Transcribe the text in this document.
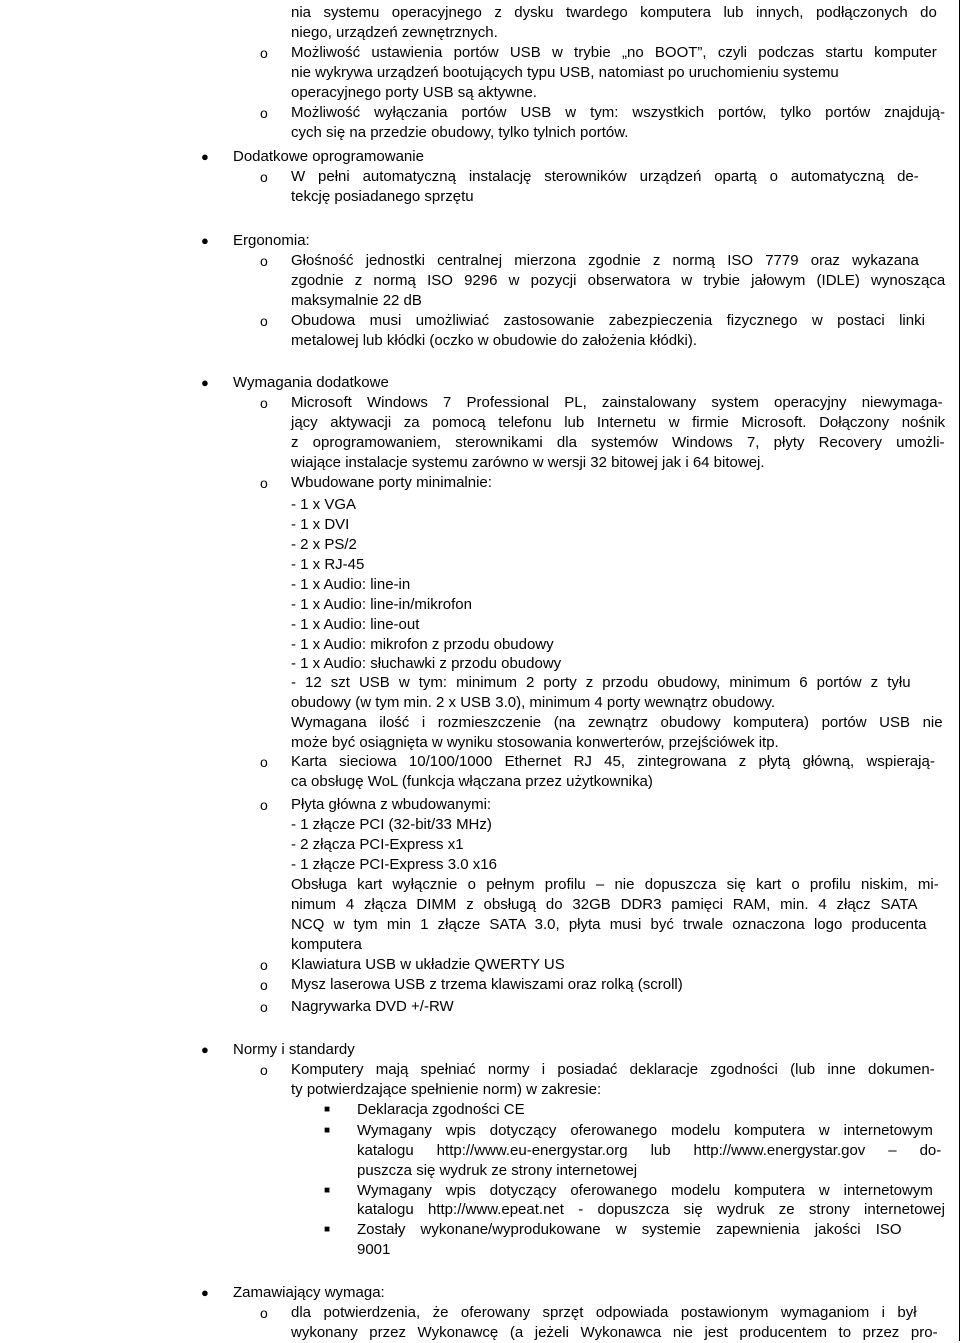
nia systemu operacyjnego z dysku twardego komputera lub innych, podłączonych do
niego, urządzeń zewnętrznych.
o Możliwość ustawienia portów USB w trybie „no BOOT”, czyli podczas startu komputer
nie wykrywa urządzeń bootujących typu USB, natomiast po uruchomieniu systemu
operacyjnego porty USB są aktywne.
o Możliwość wyłączania portów USB w tym: wszystkich portów, tylko portów znajdują-
cych się na przedzie obudowy, tylko tylnich portów.
● Dodatkowe oprogramowanie
o W pełni automatyczną instalację sterowników urządzeń opartą o automatyczną de-
tekcję posiadanego sprzętu
● Ergonomia:
o Głośność jednostki centralnej mierzona zgodnie z normą ISO 7779 oraz wykazana
zgodnie z normą ISO 9296 w pozycji obserwatora w trybie jałowym (IDLE) wynosząca
maksymalnie 22 dB
o Obudowa musi umożliwiać zastosowanie zabezpieczenia fizycznego w postaci linki
metalowej lub kłódki (oczko w obudowie do założenia kłódki).
● Wymagania dodatkowe
o Microsoft Windows 7 Professional PL, zainstalowany system operacyjny niewymaga-
jący aktywacji za pomocą telefonu lub Internetu w firmie Microsoft. Dołączony nośnik
z oprogramowaniem, sterownikami dla systemów Windows 7, płyty Recovery umożli-
wiające instalacje systemu zarówno w wersji 32 bitowej jak i 64 bitowej.
o Wbudowane porty minimalnie:
- 1 x VGA
- 1 x DVI
- 2 x PS/2
- 1 x RJ-45
- 1 x Audio: line-in
- 1 x Audio: line-in/mikrofon
- 1 x Audio: line-out
- 1 x Audio: mikrofon z przodu obudowy
- 1 x Audio: słuchawki z przodu obudowy
- 12 szt USB w tym: minimum 2 porty z przodu obudowy, minimum 6 portów z tyłu
obudowy (w tym min. 2 x USB 3.0), minimum 4 porty wewnątrz obudowy.
Wymagana ilość i rozmieszczenie (na zewnątrz obudowy komputera) portów USB nie
może być osiągnięta w wyniku stosowania konwerterów, przejściówek itp.
o Karta sieciowa 10/100/1000 Ethernet RJ 45, zintegrowana z płytą główną, wspierają-
ca obsługę WoL (funkcja włączana przez użytkownika)
o Płyta główna z wbudowanymi:
- 1 złącze PCI (32-bit/33 MHz)
- 2 złącza PCI-Express x1
- 1 złącze PCI-Express 3.0 x16
Obsługa kart wyłącznie o pełnym profilu – nie dopuszcza się kart o profilu niskim, mi-
nimum 4 złącza DIMM z obsługą do 32GB DDR3 pamięci RAM, min. 4 złącz SATA
NCQ w tym min 1 złącze SATA 3.0, płyta musi być trwale oznaczona logo producenta
komputera
o Klawiatura USB w układzie QWERTY US
o Mysz laserowa USB z trzema klawiszami oraz rolką (scroll)
o Nagrywarka DVD +/-RW
● Normy i standardy
o Komputery mają spełniać normy i posiadać deklaracje zgodności (lub inne dokumen-
ty potwierdzające spełnienie norm) w zakresie:
■ Deklaracja zgodności CE
■ Wymagany wpis dotyczący oferowanego modelu komputera w internetowym
katalogu http://www.eu-energystar.org lub http://www.energystar.gov – do-
puszcza się wydruk ze strony internetowej
■ Wymagany wpis dotyczący oferowanego modelu komputera w internetowym
katalogu http://www.epeat.net - dopuszcza się wydruk ze strony internetowej
■ Zostały wykonane/wyprodukowane w systemie zapewnienia jakości ISO
9001
● Zamawiający wymaga:
o dla potwierdzenia, że oferowany sprzęt odpowiada postawionym wymaganiom i był
wykonany przez Wykonawcę (a jeżeli Wykonawca nie jest producentem to przez pro-
